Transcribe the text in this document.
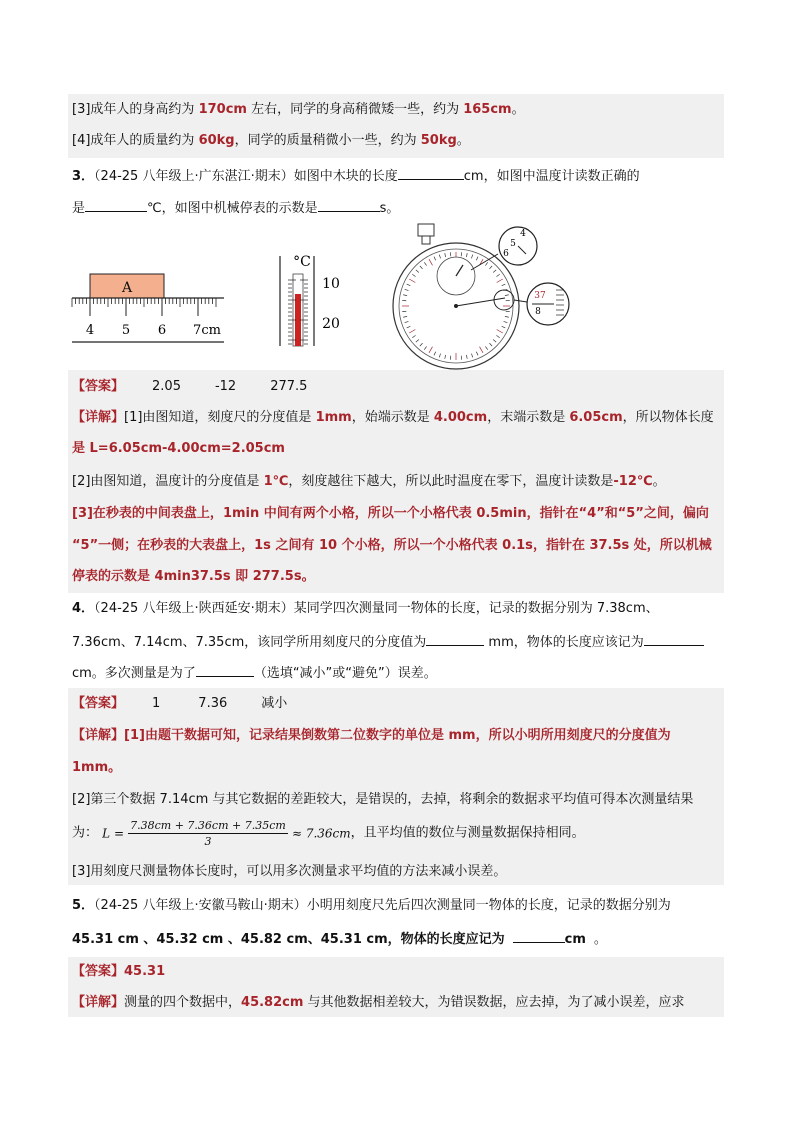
[3]成年人的身高约为 170cm 左右，同学的身高稍微矮一些，约为 165cm。
[4]成年人的质量约为 60kg，同学的质量稍微小一些，约为 50kg。
3．（24-25 八年级上·广东湛江·期末）如图中木块的长度	cm，如图中温度计读数正确的
是	℃，如图中机械停表的示数是	s。
A
4 5 6 7cm
°C
10
20
4
5
6
37
8
【答案】 2.05	-12	277.5
【详解】[1]由图知道，刻度尺的分度值是 1mm，始端示数是 4.00cm，末端示数是 6.05cm，所以物体长度
是 L=6.05cm-4.00cm=2.05cm
[2]由图知道，温度计的分度值是 1℃，刻度越往下越大，所以此时温度在零下，温度计读数是-12℃。
[3]在秒表的中间表盘上，1min 中间有两个小格，所以一个小格代表 0.5min，指针在“4”和“5”之间，偏向
“5”一侧；在秒表的大表盘上，1s 之间有 10 个小格，所以一个小格代表 0.1s，指针在 37.5s 处，所以机械
停表的示数是 4min37.5s 即 277.5s。
4．（24-25 八年级上·陕西延安·期末）某同学四次测量同一物体的长度，记录的数据分别为 7.38cm、
7.36cm、7.14cm、7.35cm，该同学所用刻度尺的分度值为	mm，物体的长度应该记为
cm。多次测量是为了	（选填“减小”或“避免”）误差。
【答案】 1	7.36	减小
【详解】[1]由题干数据可知，记录结果倒数第二位数字的单位是 mm，所以小明所用刻度尺的分度值为
1mm。
[2]第三个数据 7.14cm 与其它数据的差距较大，是错误的，去掉，将剩余的数据求平均值可得本次测量结果
为： $L = \frac{7.38cm + 7.36cm + 7.35cm}{3} \approx 7.36cm$，且平均值的数位与测量数据保持相同。
[3]用刻度尺测量物体长度时，可以用多次测量求平均值的方法来减小误差。
5．（24-25 八年级上·安徽马鞍山·期末）小明用刻度尺先后四次测量同一物体的长度，记录的数据分别为
45.31 cm 、45.32 cm 、45.82 cm、45.31 cm，物体的长度应记为	cm 。
【答案】45.31
【详解】测量的四个数据中，45.82cm 与其他数据相差较大，为错误数据，应去掉，为了减小误差，应求
